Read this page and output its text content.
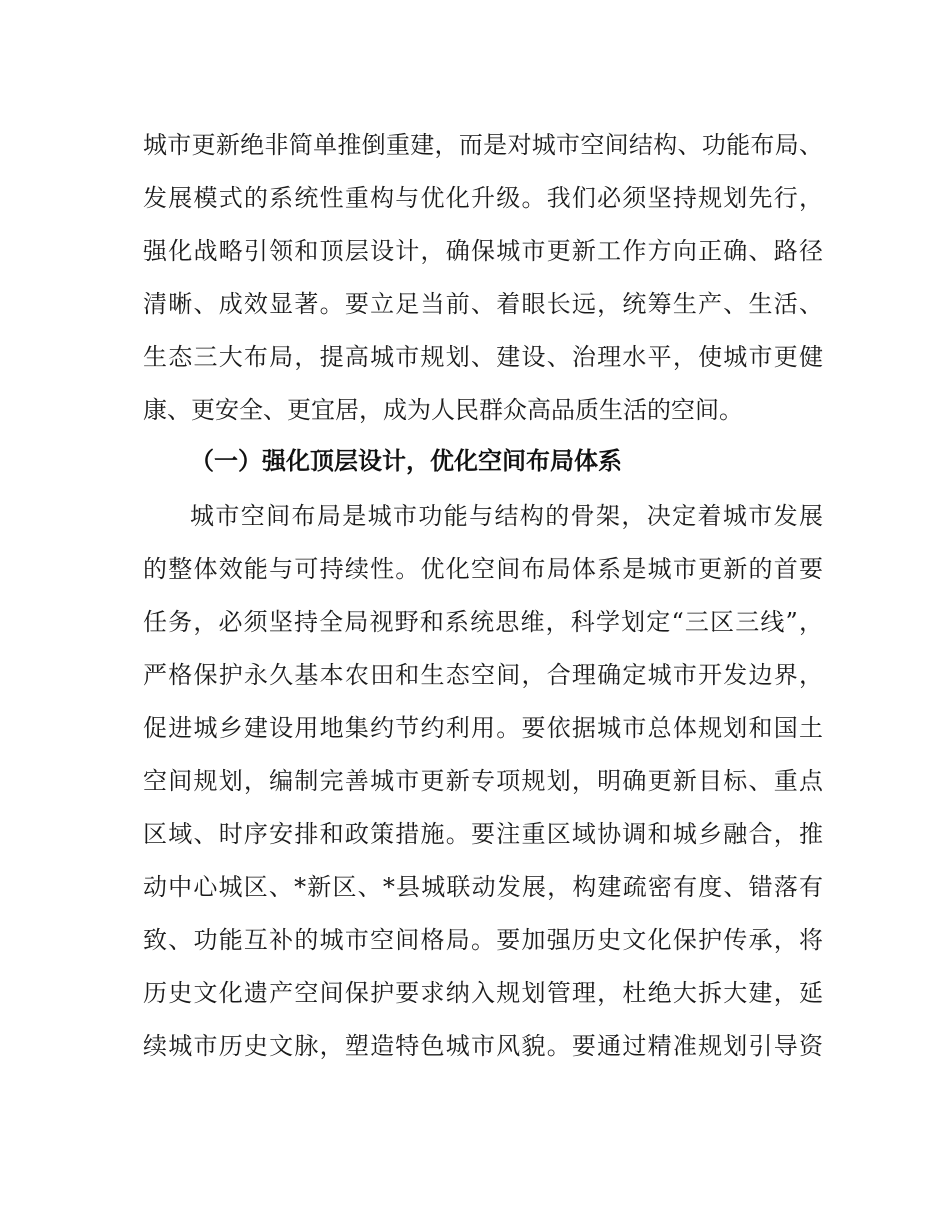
城市更新绝非简单推倒重建，而是对城市空间结构、功能布局、
发展模式的系统性重构与优化升级。我们必须坚持规划先行，
强化战略引领和顶层设计，确保城市更新工作方向正确、路径
清晰、成效显著。要立足当前、着眼长远，统筹生产、生活、
生态三大布局，提高城市规划、建设、治理水平，使城市更健
康、更安全、更宜居，成为人民群众高品质生活的空间。
（一）强化顶层设计，优化空间布局体系
城市空间布局是城市功能与结构的骨架，决定着城市发展
的整体效能与可持续性。优化空间布局体系是城市更新的首要
任务，必须坚持全局视野和系统思维，科学划定“三区三线”，
严格保护永久基本农田和生态空间，合理确定城市开发边界，
促进城乡建设用地集约节约利用。要依据城市总体规划和国土
空间规划，编制完善城市更新专项规划，明确更新目标、重点
区域、时序安排和政策措施。要注重区域协调和城乡融合，推
动中心城区、*新区、*县城联动发展，构建疏密有度、错落有
致、功能互补的城市空间格局。要加强历史文化保护传承，将
历史文化遗产空间保护要求纳入规划管理，杜绝大拆大建，延
续城市历史文脉，塑造特色城市风貌。要通过精准规划引导资
